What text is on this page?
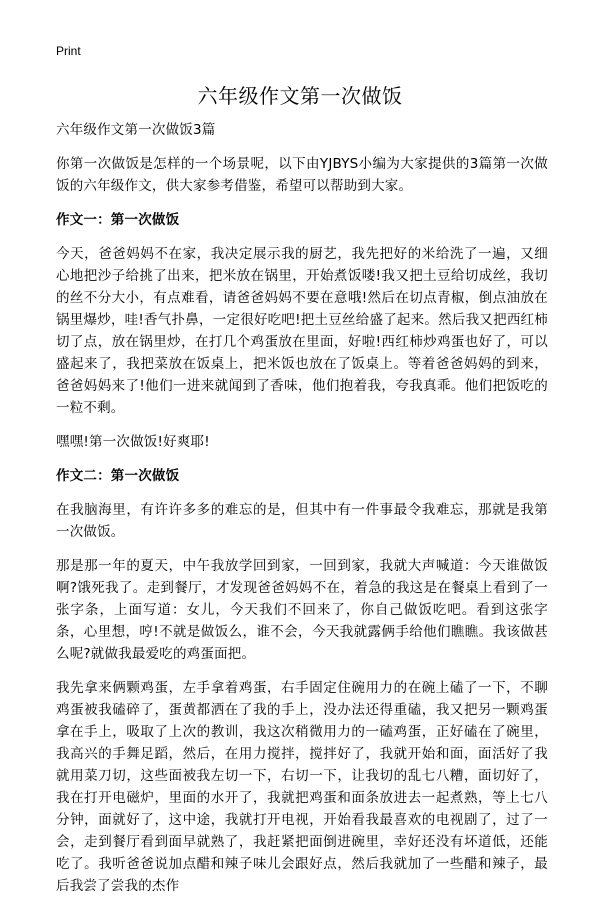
Print
六年级作文第一次做饭

六年级作文第一次做饭3篇

你第一次做饭是怎样的一个场景呢，以下由YJBYS小编为大家提供的3篇第一次做饭的六年级作文，供大家参考借鉴，希望可以帮助到大家。

作文一：第一次做饭

今天，爸爸妈妈不在家，我决定展示我的厨艺，我先把好的米给洗了一遍，又细心地把沙子给挑了出来，把米放在锅里，开始煮饭喽!我又把土豆给切成丝，我切的丝不分大小，有点难看，请爸爸妈妈不要在意哦!然后在切点青椒，倒点油放在锅里爆炒，哇!香气扑鼻，一定很好吃吧!把土豆丝给盛了起来。然后我又把西红柿切了点，放在锅里炒，在打几个鸡蛋放在里面，好啦!西红柿炒鸡蛋也好了，可以盛起来了，我把菜放在饭桌上，把米饭也放在了饭桌上。等着爸爸妈妈的到来，爸爸妈妈来了!他们一进来就闻到了香味，他们抱着我，夸我真乖。他们把饭吃的一粒不剩。

嘿嘿!第一次做饭!好爽耶!

作文二：第一次做饭

在我脑海里，有许许多多的难忘的是，但其中有一件事最令我难忘，那就是我第一次做饭。

那是那一年的夏天，中午我放学回到家，一回到家，我就大声喊道：今天谁做饭啊?饿死我了。走到餐厅，才发现爸爸妈妈不在，着急的我这是在餐桌上看到了一张字条，上面写道：女儿，今天我们不回来了，你自己做饭吃吧。看到这张字条，心里想，哼!不就是做饭么，谁不会，今天我就露俩手给他们瞧瞧。我该做甚么呢?就做我最爱吃的鸡蛋面把。

我先拿来俩颗鸡蛋，左手拿着鸡蛋，右手固定住碗用力的在碗上磕了一下，不聊鸡蛋被我磕碎了，蛋黄都洒在了我的手上，没办法还得重磕，我又把另一颗鸡蛋拿在手上，吸取了上次的教训，我这次稍微用力的一磕鸡蛋，正好磕在了碗里，我高兴的手舞足蹈，然后，在用力搅拌，搅拌好了，我就开始和面，面活好了我就用菜刀切，这些面被我左切一下，右切一下，让我切的乱七八糟，面切好了，我在打开电磁炉，里面的水开了，我就把鸡蛋和面条放进去一起煮熟，等上七八分钟，面就好了，这中途，我就打开电视，开始看我最喜欢的电视剧了，过了一会，走到餐厅看到面早就熟了，我赶紧把面倒进碗里，幸好还没有坏道低，还能吃了。我听爸爸说加点醋和辣子味儿会跟好点，然后我就加了一些醋和辣子，最后我尝了尝我的杰作
